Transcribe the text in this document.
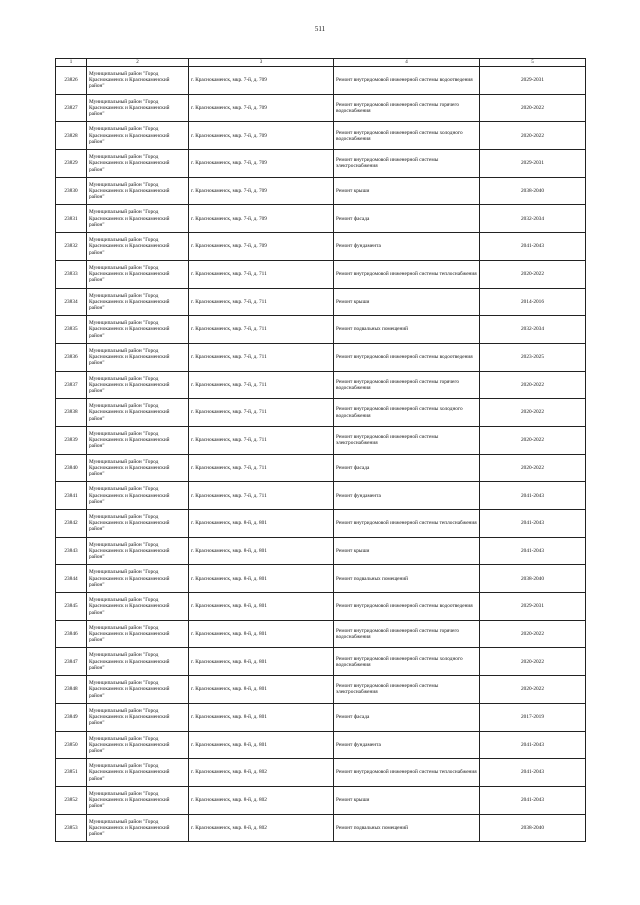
511
1	2	3	4	5
23826	Муниципальный район "Город Краснокаменск и Краснокаменский район"	г. Краснокаменск, мкр. 7-й, д. 709	Ремонт внутридомовой инженерной системы водоотведения	2029-2031
23827	Муниципальный район "Город Краснокаменск и Краснокаменский район"	г. Краснокаменск, мкр. 7-й, д. 709	Ремонт внутридомовой инженерной системы горячего водоснабжения	2020-2022
23828	Муниципальный район "Город Краснокаменск и Краснокаменский район"	г. Краснокаменск, мкр. 7-й, д. 709	Ремонт внутридомовой инженерной системы холодного водоснабжения	2020-2022
23829	Муниципальный район "Город Краснокаменск и Краснокаменский район"	г. Краснокаменск, мкр. 7-й, д. 709	Ремонт внутридомовой инженерной системы электроснабжения	2029-2031
23830	Муниципальный район "Город Краснокаменск и Краснокаменский район"	г. Краснокаменск, мкр. 7-й, д. 709	Ремонт крыши	2038-2040
23831	Муниципальный район "Город Краснокаменск и Краснокаменский район"	г. Краснокаменск, мкр. 7-й, д. 709	Ремонт фасада	2032-2034
23832	Муниципальный район "Город Краснокаменск и Краснокаменский район"	г. Краснокаменск, мкр. 7-й, д. 709	Ремонт фундамента	2041-2043
23833	Муниципальный район "Город Краснокаменск и Краснокаменский район"	г. Краснокаменск, мкр. 7-й, д. 711	Ремонт внутридомовой инженерной системы теплоснабжения	2020-2022
23834	Муниципальный район "Город Краснокаменск и Краснокаменский район"	г. Краснокаменск, мкр. 7-й, д. 711	Ремонт крыши	2014-2016
23835	Муниципальный район "Город Краснокаменск и Краснокаменский район"	г. Краснокаменск, мкр. 7-й, д. 711	Ремонт подвальных помещений	2032-2034
23836	Муниципальный район "Город Краснокаменск и Краснокаменский район"	г. Краснокаменск, мкр. 7-й, д. 711	Ремонт внутридомовой инженерной системы водоотведения	2023-2025
23837	Муниципальный район "Город Краснокаменск и Краснокаменский район"	г. Краснокаменск, мкр. 7-й, д. 711	Ремонт внутридомовой инженерной системы горячего водоснабжения	2020-2022
23838	Муниципальный район "Город Краснокаменск и Краснокаменский район"	г. Краснокаменск, мкр. 7-й, д. 711	Ремонт внутридомовой инженерной системы холодного водоснабжения	2020-2022
23839	Муниципальный район "Город Краснокаменск и Краснокаменский район"	г. Краснокаменск, мкр. 7-й, д. 711	Ремонт внутридомовой инженерной системы электроснабжения	2020-2022
23840	Муниципальный район "Город Краснокаменск и Краснокаменский район"	г. Краснокаменск, мкр. 7-й, д. 711	Ремонт фасада	2020-2022
23841	Муниципальный район "Город Краснокаменск и Краснокаменский район"	г. Краснокаменск, мкр. 7-й, д. 711	Ремонт фундамента	2041-2043
23842	Муниципальный район "Город Краснокаменск и Краснокаменский район"	г. Краснокаменск, мкр. 8-й, д. 801	Ремонт внутридомовой инженерной системы теплоснабжения	2041-2043
23843	Муниципальный район "Город Краснокаменск и Краснокаменский район"	г. Краснокаменск, мкр. 8-й, д. 801	Ремонт крыши	2041-2043
23844	Муниципальный район "Город Краснокаменск и Краснокаменский район"	г. Краснокаменск, мкр. 8-й, д. 801	Ремонт подвальных помещений	2038-2040
23845	Муниципальный район "Город Краснокаменск и Краснокаменский район"	г. Краснокаменск, мкр. 8-й, д. 801	Ремонт внутридомовой инженерной системы водоотведения	2029-2031
23846	Муниципальный район "Город Краснокаменск и Краснокаменский район"	г. Краснокаменск, мкр. 8-й, д. 801	Ремонт внутридомовой инженерной системы горячего водоснабжения	2020-2022
23847	Муниципальный район "Город Краснокаменск и Краснокаменский район"	г. Краснокаменск, мкр. 8-й, д. 801	Ремонт внутридомовой инженерной системы холодного водоснабжения	2020-2022
23848	Муниципальный район "Город Краснокаменск и Краснокаменский район"	г. Краснокаменск, мкр. 8-й, д. 801	Ремонт внутридомовой инженерной системы электроснабжения	2020-2022
23849	Муниципальный район "Город Краснокаменск и Краснокаменский район"	г. Краснокаменск, мкр. 8-й, д. 801	Ремонт фасада	2017-2019
23850	Муниципальный район "Город Краснокаменск и Краснокаменский район"	г. Краснокаменск, мкр. 8-й, д. 801	Ремонт фундамента	2041-2043
23851	Муниципальный район "Город Краснокаменск и Краснокаменский район"	г. Краснокаменск, мкр. 8-й, д. 802	Ремонт внутридомовой инженерной системы теплоснабжения	2041-2043
23852	Муниципальный район "Город Краснокаменск и Краснокаменский район"	г. Краснокаменск, мкр. 8-й, д. 802	Ремонт крыши	2041-2043
23853	Муниципальный район "Город Краснокаменск и Краснокаменский район"	г. Краснокаменск, мкр. 8-й, д. 802	Ремонт подвальных помещений	2038-2040
